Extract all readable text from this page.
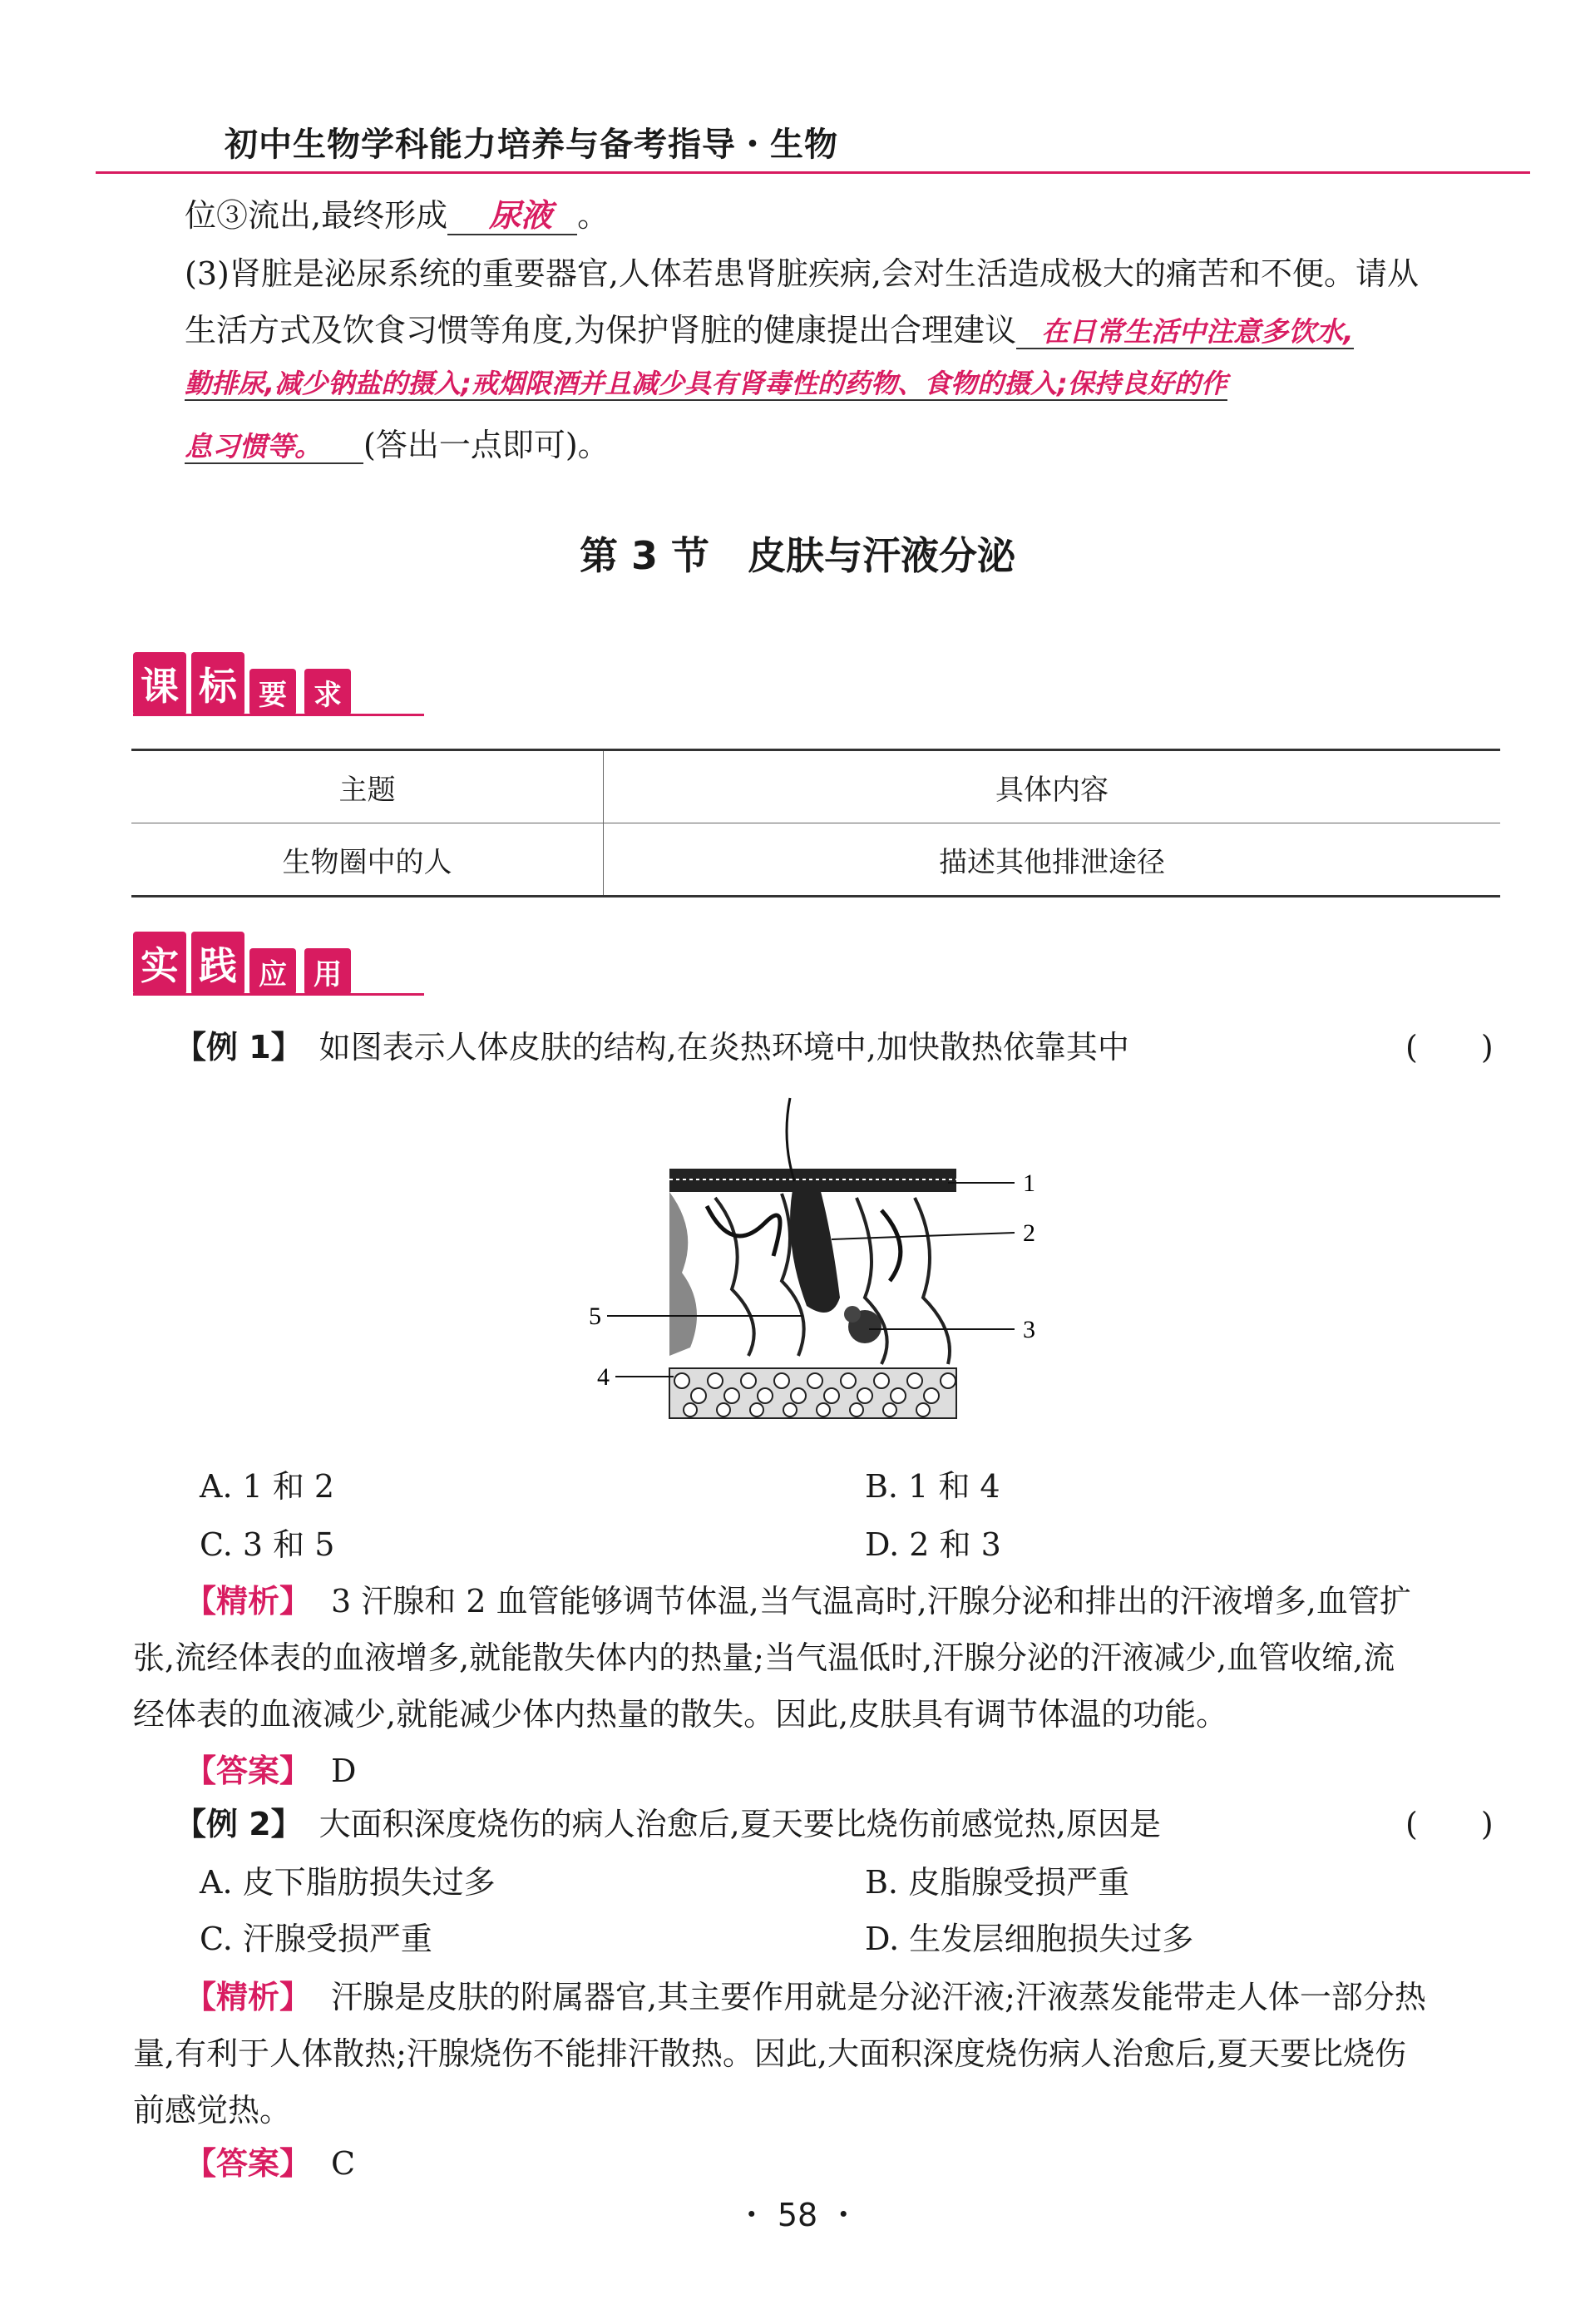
初中生物学科能力培养与备考指导・生物
位③流出,最终形成 尿液 。
(3)肾脏是泌尿系统的重要器官,人体若患肾脏疾病,会对生活造成极大的痛苦和不便。请从
生活方式及饮食习惯等角度,为保护肾脏的健康提出合理建议 在日常生活中注意多饮水,
勤排尿,减少钠盐的摄入;戒烟限酒并且减少具有肾毒性的药物、食物的摄入;保持良好的作
息习惯等。 (答出一点即可)。
第 3 节　皮肤与汗液分泌
课 标 要 求
主题	具体内容
生物圈中的人	描述其他排泄途径
实 践 应 用
【例 1】 如图表示人体皮肤的结构,在炎热环境中,加快散热依靠其中	(　　)
1
2
3
4
5
A. 1 和 2	B. 1 和 4
C. 3 和 5	D. 2 和 3
【精析】 3 汗腺和 2 血管能够调节体温,当气温高时,汗腺分泌和排出的汗液增多,血管扩
张,流经体表的血液增多,就能散失体内的热量;当气温低时,汗腺分泌的汗液减少,血管收缩,流
经体表的血液减少,就能减少体内热量的散失。因此,皮肤具有调节体温的功能。
【答案】 D
【例 2】 大面积深度烧伤的病人治愈后,夏天要比烧伤前感觉热,原因是	(　　)
A. 皮下脂肪损失过多	B. 皮脂腺受损严重
C. 汗腺受损严重	D. 生发层细胞损失过多
【精析】 汗腺是皮肤的附属器官,其主要作用就是分泌汗液;汗液蒸发能带走人体一部分热
量,有利于人体散热;汗腺烧伤不能排汗散热。因此,大面积深度烧伤病人治愈后,夏天要比烧伤
前感觉热。
【答案】 C
・ 58 ・
